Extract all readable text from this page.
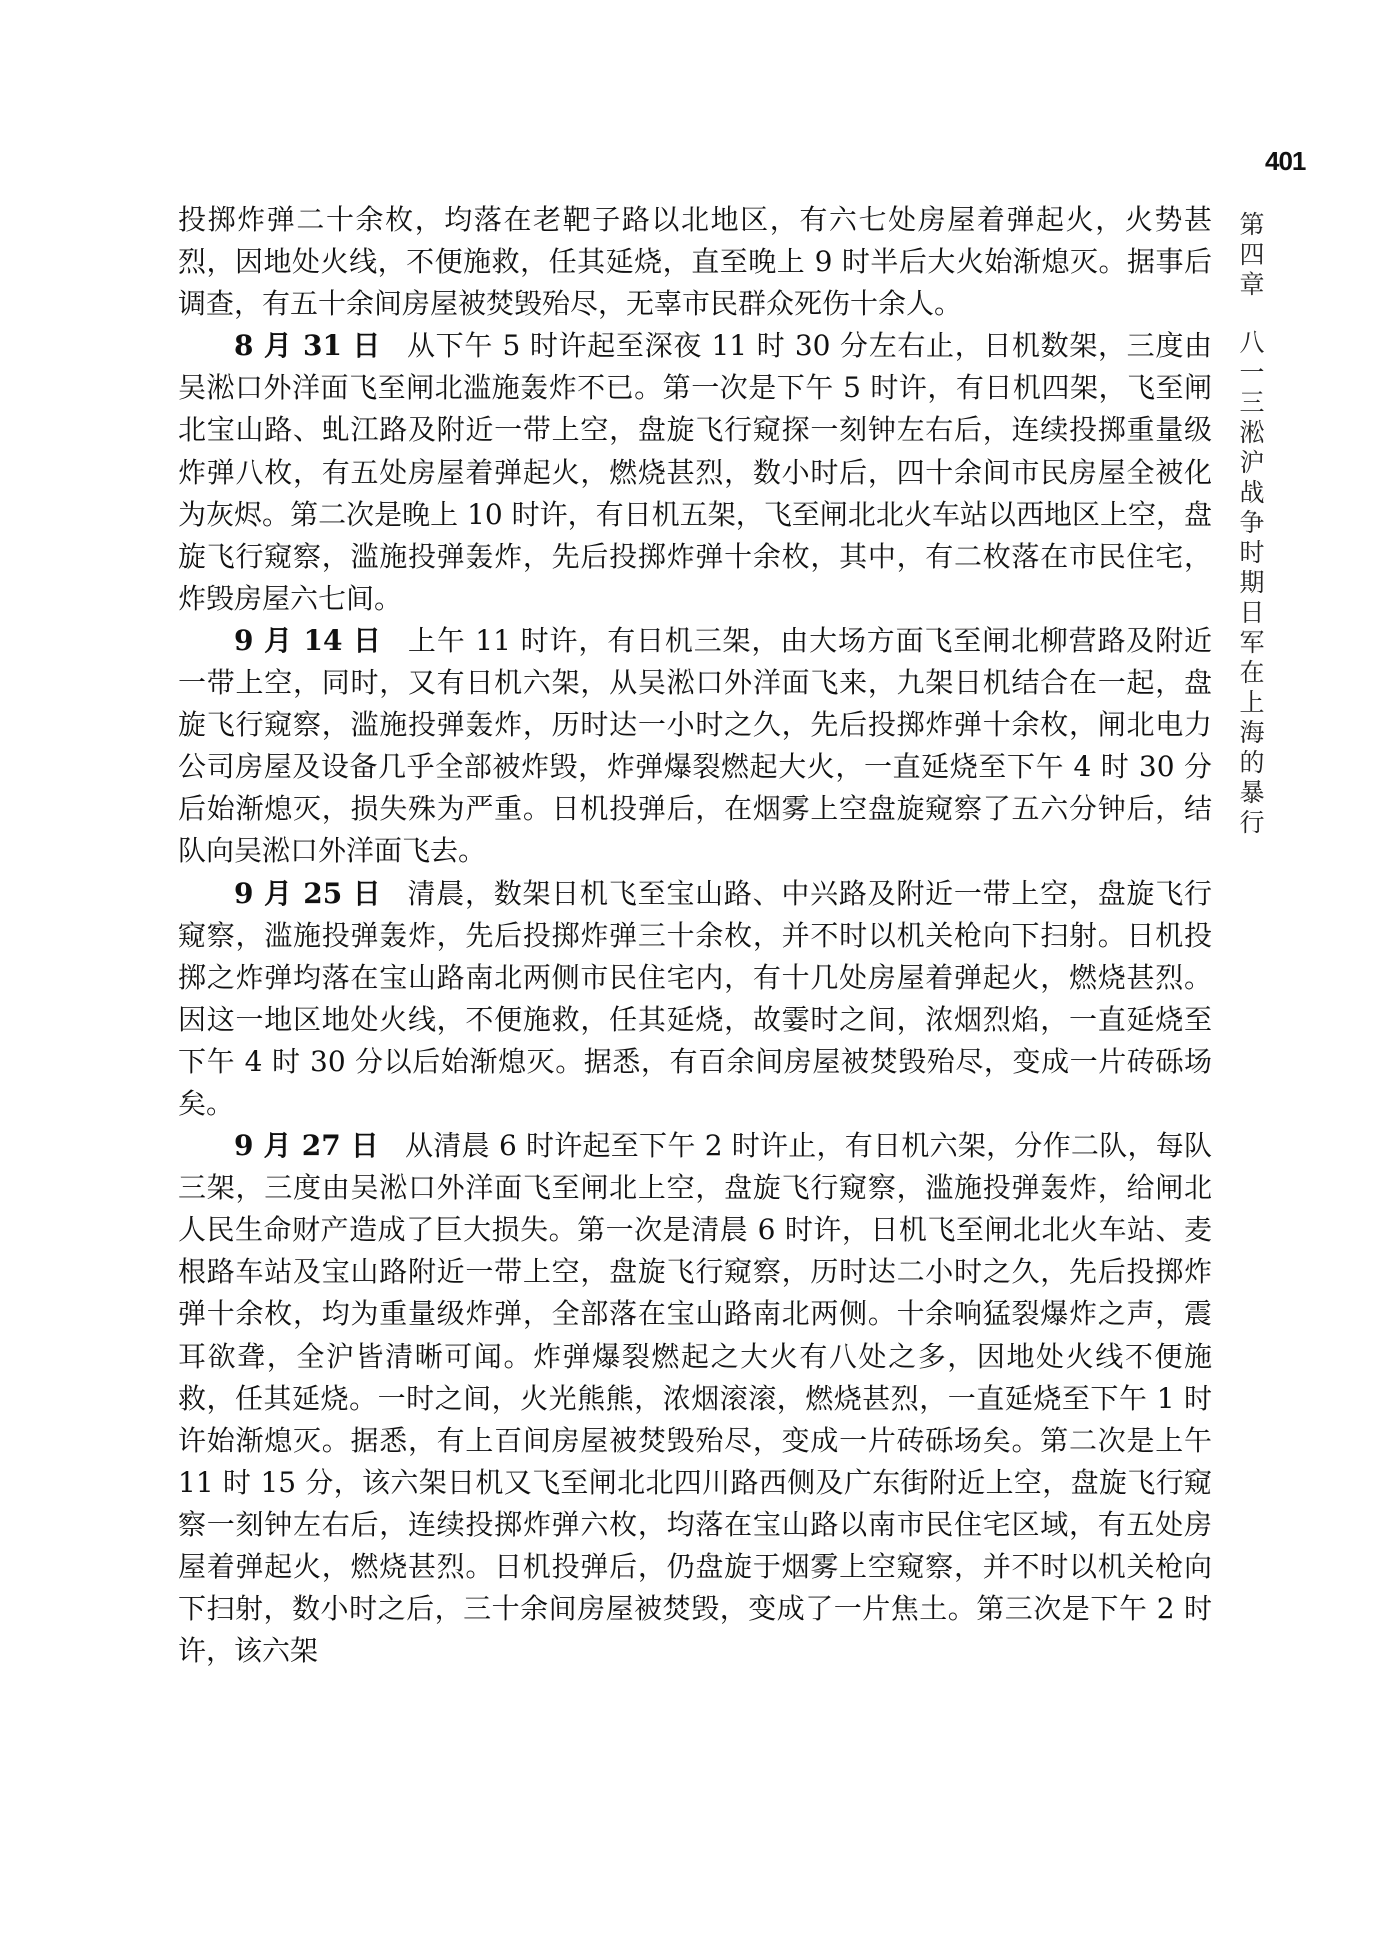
401
第四章
八一三淞沪战争时期日军在上海的暴行

投掷炸弹二十余枚，均落在老靶子路以北地区，有六七处房屋着弹起火，火势甚烈，因地处火线，不便施救，任其延烧，直至晚上 9 时半后大火始渐熄灭。据事后调查，有五十余间房屋被焚毁殆尽，无辜市民群众死伤十余人。

8 月 31 日 从下午 5 时许起至深夜 11 时 30 分左右止，日机数架，三度由吴淞口外洋面飞至闸北滥施轰炸不已。第一次是下午 5 时许，有日机四架，飞至闸北宝山路、虬江路及附近一带上空，盘旋飞行窥探一刻钟左右后，连续投掷重量级炸弹八枚，有五处房屋着弹起火，燃烧甚烈，数小时后，四十余间市民房屋全被化为灰烬。第二次是晚上 10 时许，有日机五架，飞至闸北北火车站以西地区上空，盘旋飞行窥察，滥施投弹轰炸，先后投掷炸弹十余枚，其中，有二枚落在市民住宅，炸毁房屋六七间。

9 月 14 日 上午 11 时许，有日机三架，由大场方面飞至闸北柳营路及附近一带上空，同时，又有日机六架，从吴淞口外洋面飞来，九架日机结合在一起，盘旋飞行窥察，滥施投弹轰炸，历时达一小时之久，先后投掷炸弹十余枚，闸北电力公司房屋及设备几乎全部被炸毁，炸弹爆裂燃起大火，一直延烧至下午 4 时 30 分后始渐熄灭，损失殊为严重。日机投弹后，在烟雾上空盘旋窥察了五六分钟后，结队向吴淞口外洋面飞去。

9 月 25 日 清晨，数架日机飞至宝山路、中兴路及附近一带上空，盘旋飞行窥察，滥施投弹轰炸，先后投掷炸弹三十余枚，并不时以机关枪向下扫射。日机投掷之炸弹均落在宝山路南北两侧市民住宅内，有十几处房屋着弹起火，燃烧甚烈。因这一地区地处火线，不便施救，任其延烧，故霎时之间，浓烟烈焰，一直延烧至下午 4 时 30 分以后始渐熄灭。据悉，有百余间房屋被焚毁殆尽，变成一片砖砾场矣。

9 月 27 日 从清晨 6 时许起至下午 2 时许止，有日机六架，分作二队，每队三架，三度由吴淞口外洋面飞至闸北上空，盘旋飞行窥察，滥施投弹轰炸，给闸北人民生命财产造成了巨大损失。第一次是清晨 6 时许，日机飞至闸北北火车站、麦根路车站及宝山路附近一带上空，盘旋飞行窥察，历时达二小时之久，先后投掷炸弹十余枚，均为重量级炸弹，全部落在宝山路南北两侧。十余响猛裂爆炸之声，震耳欲聋，全沪皆清晰可闻。炸弹爆裂燃起之大火有八处之多，因地处火线不便施救，任其延烧。一时之间，火光熊熊，浓烟滚滚，燃烧甚烈，一直延烧至下午 1 时许始渐熄灭。据悉，有上百间房屋被焚毁殆尽，变成一片砖砾场矣。第二次是上午 11 时 15 分，该六架日机又飞至闸北北四川路西侧及广东街附近上空，盘旋飞行窥察一刻钟左右后，连续投掷炸弹六枚，均落在宝山路以南市民住宅区域，有五处房屋着弹起火，燃烧甚烈。日机投弹后，仍盘旋于烟雾上空窥察，并不时以机关枪向下扫射，数小时之后，三十余间房屋被焚毁，变成了一片焦土。第三次是下午 2 时许，该六架
